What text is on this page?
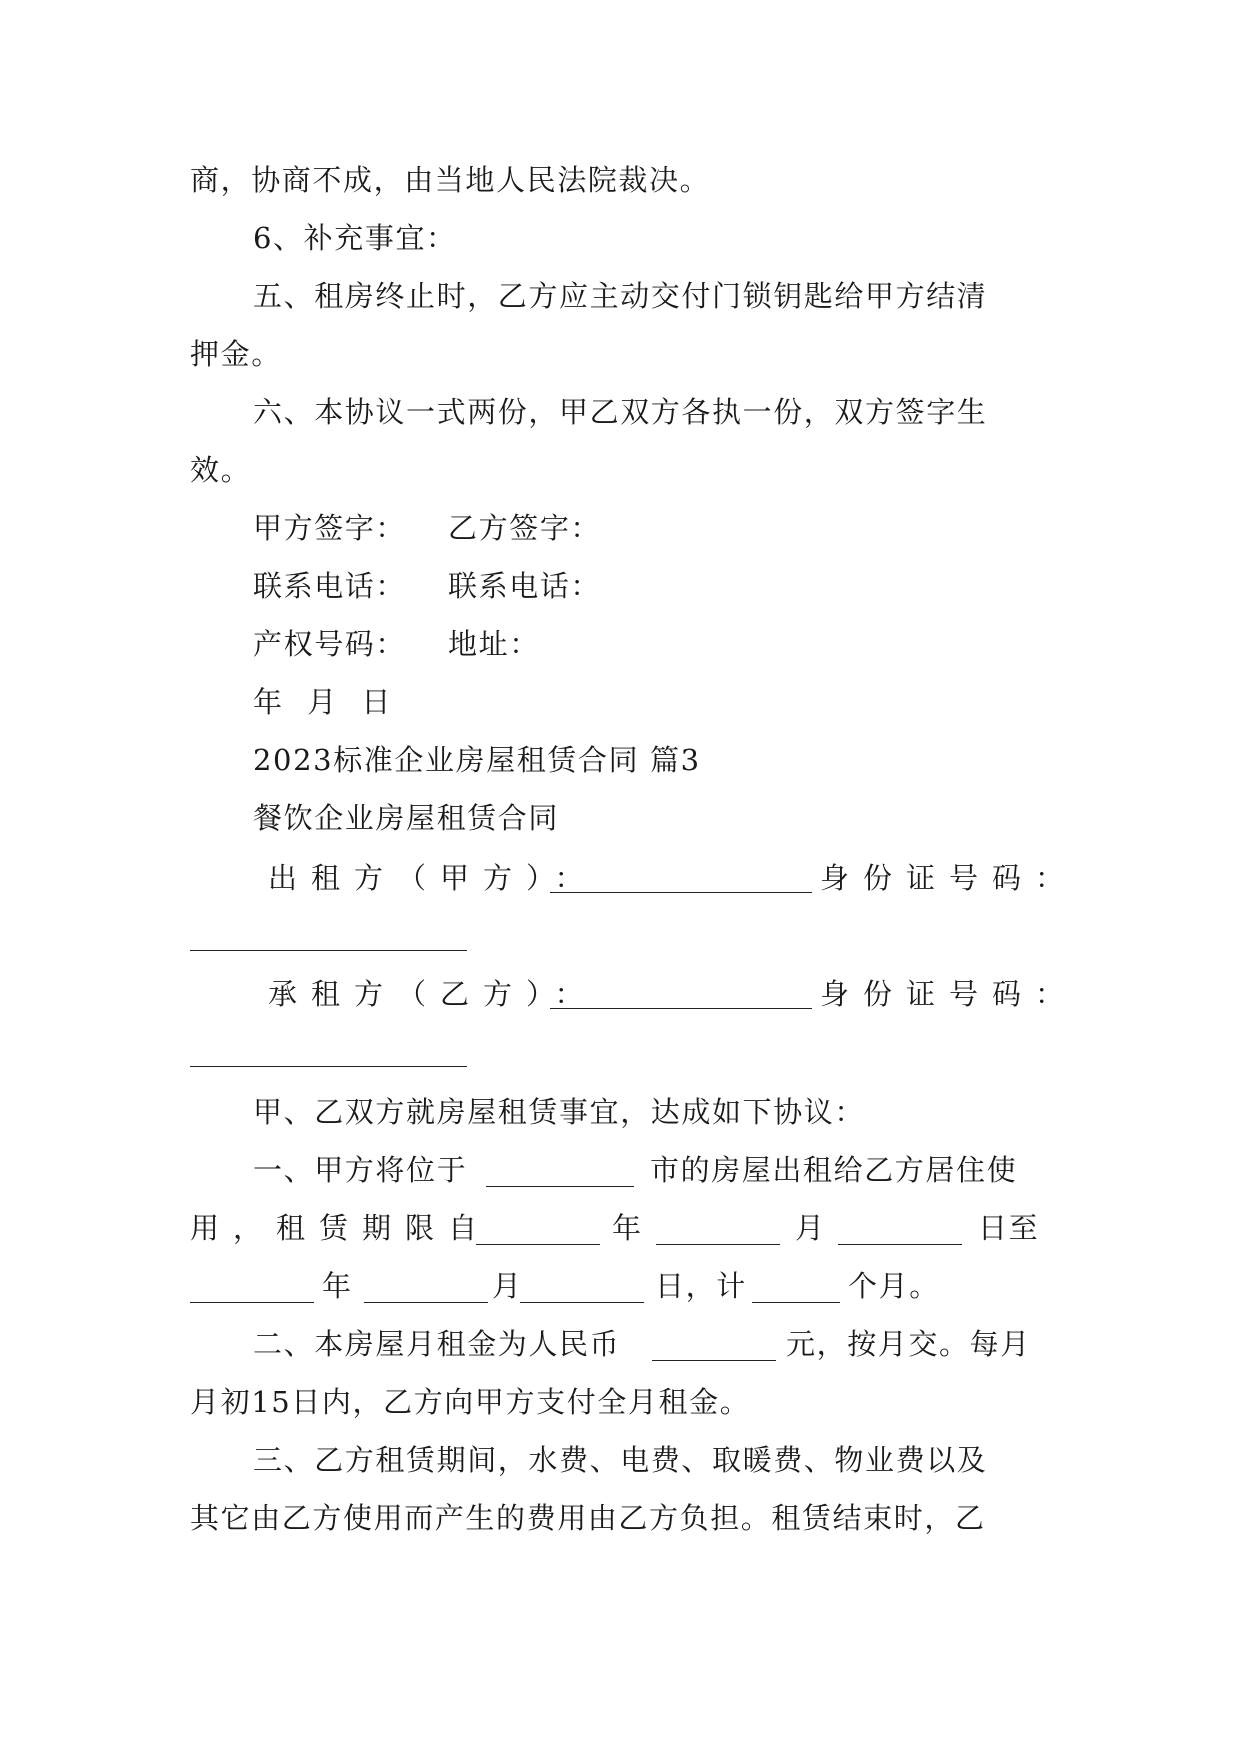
商，协商不成，由当地人民法院裁决。
6、补充事宜：
五、租房终止时，乙方应主动交付门锁钥匙给甲方结清
押金。
六、本协议一式两份，甲乙双方各执一份，双方签字生
效。
甲方签字： 乙方签字：
联系电话： 联系电话：
产权号码： 地址：
年 月 日
2023标准企业房屋租赁合同 篇3
餐饮企业房屋租赁合同
出租方（甲方）：	身份证号码：
承租方（乙方）：	身份证号码：
甲、乙双方就房屋租赁事宜，达成如下协议：
一、甲方将位于	市的房屋出租给乙方居住使
用，租赁期限自	年	月	日至
年	月	日，计	个月。
二、本房屋月租金为人民币	元，按月交。每月
月初15日内，乙方向甲方支付全月租金。
三、乙方租赁期间，水费、电费、取暖费、物业费以及
其它由乙方使用而产生的费用由乙方负担。租赁结束时，乙
